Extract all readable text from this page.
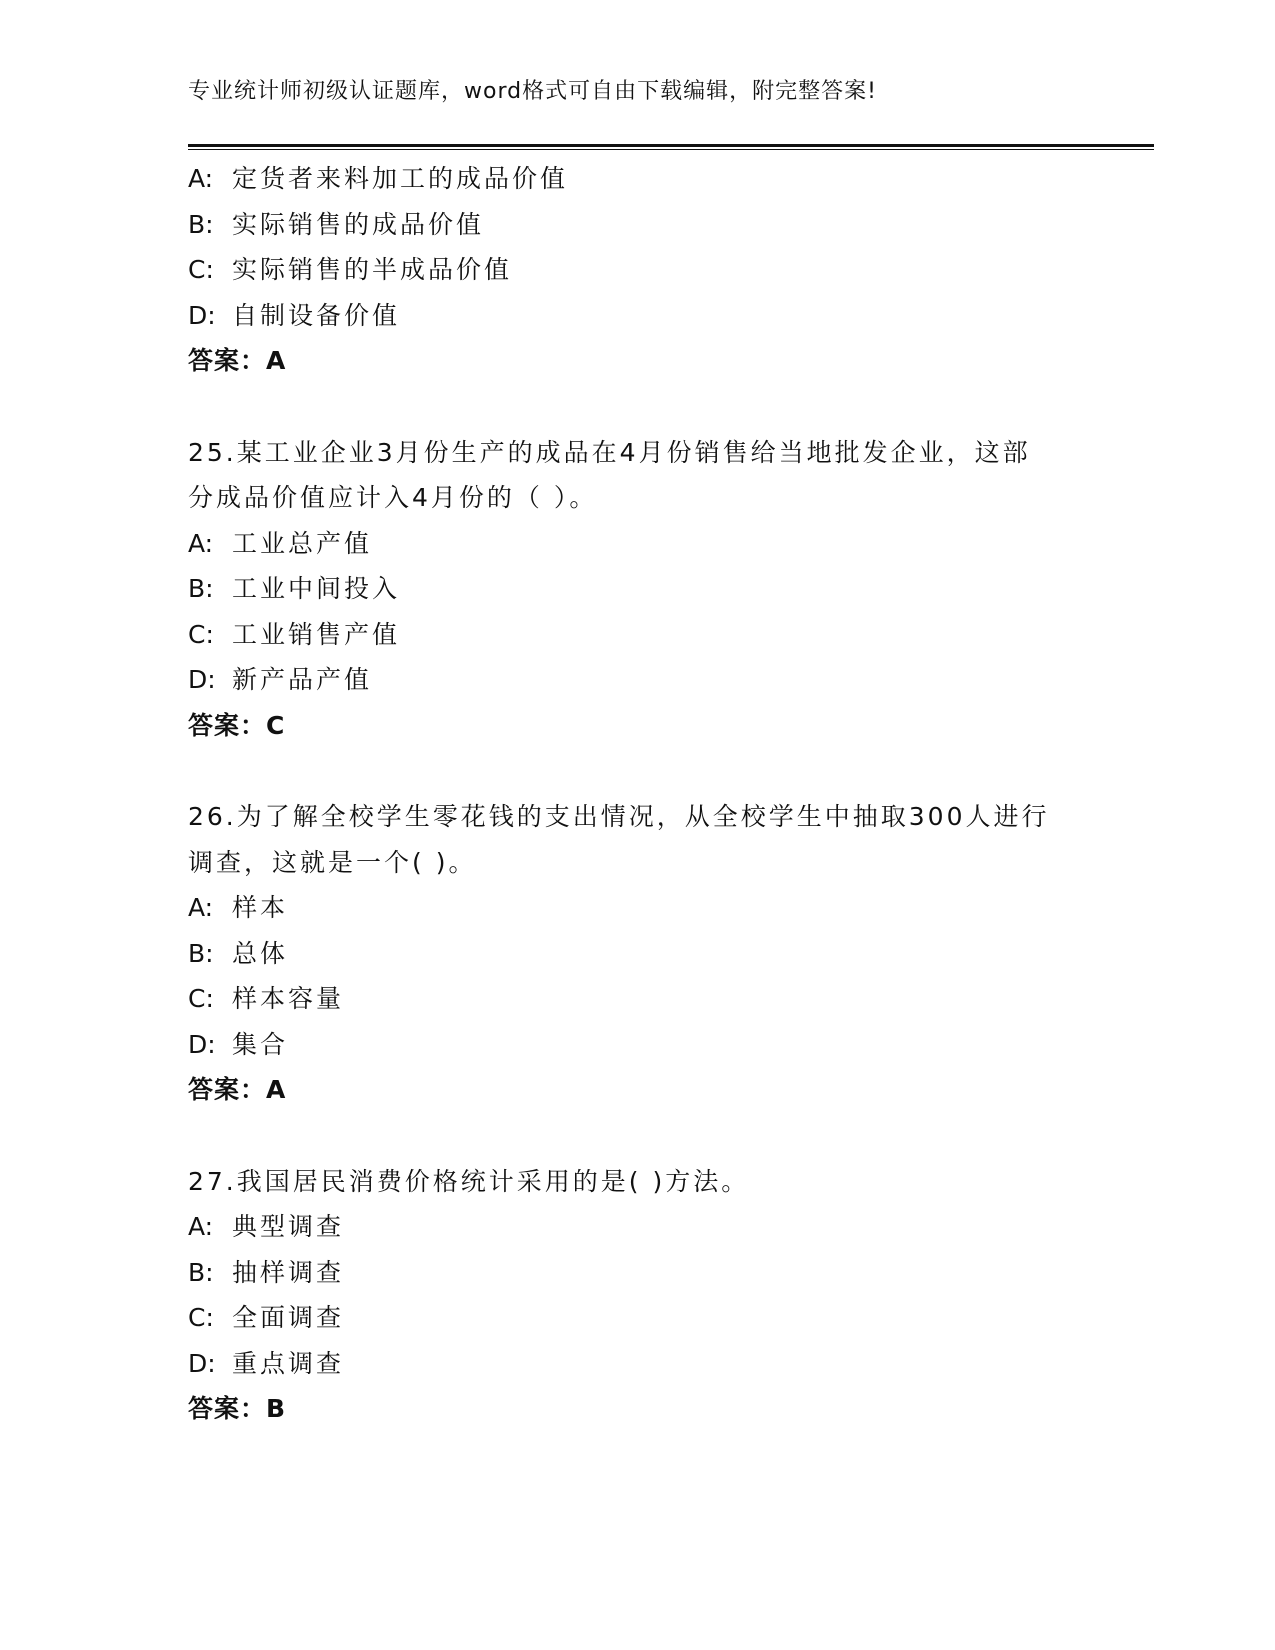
专业统计师初级认证题库，word格式可自由下载编辑，附完整答案!
A: 定货者来料加工的成品价值
B: 实际销售的成品价值
C: 实际销售的半成品价值
D: 自制设备价值
答案：A
25.某工业企业3月份生产的成品在4月份销售给当地批发企业，这部
分成品价值应计入4月份的（ ）。
A: 工业总产值
B: 工业中间投入
C: 工业销售产值
D: 新产品产值
答案：C
26.为了解全校学生零花钱的支出情况，从全校学生中抽取300人进行
调查，这就是一个( )。
A: 样本
B: 总体
C: 样本容量
D: 集合
答案：A
27.我国居民消费价格统计采用的是( )方法。
A: 典型调查
B: 抽样调查
C: 全面调查
D: 重点调查
答案：B
